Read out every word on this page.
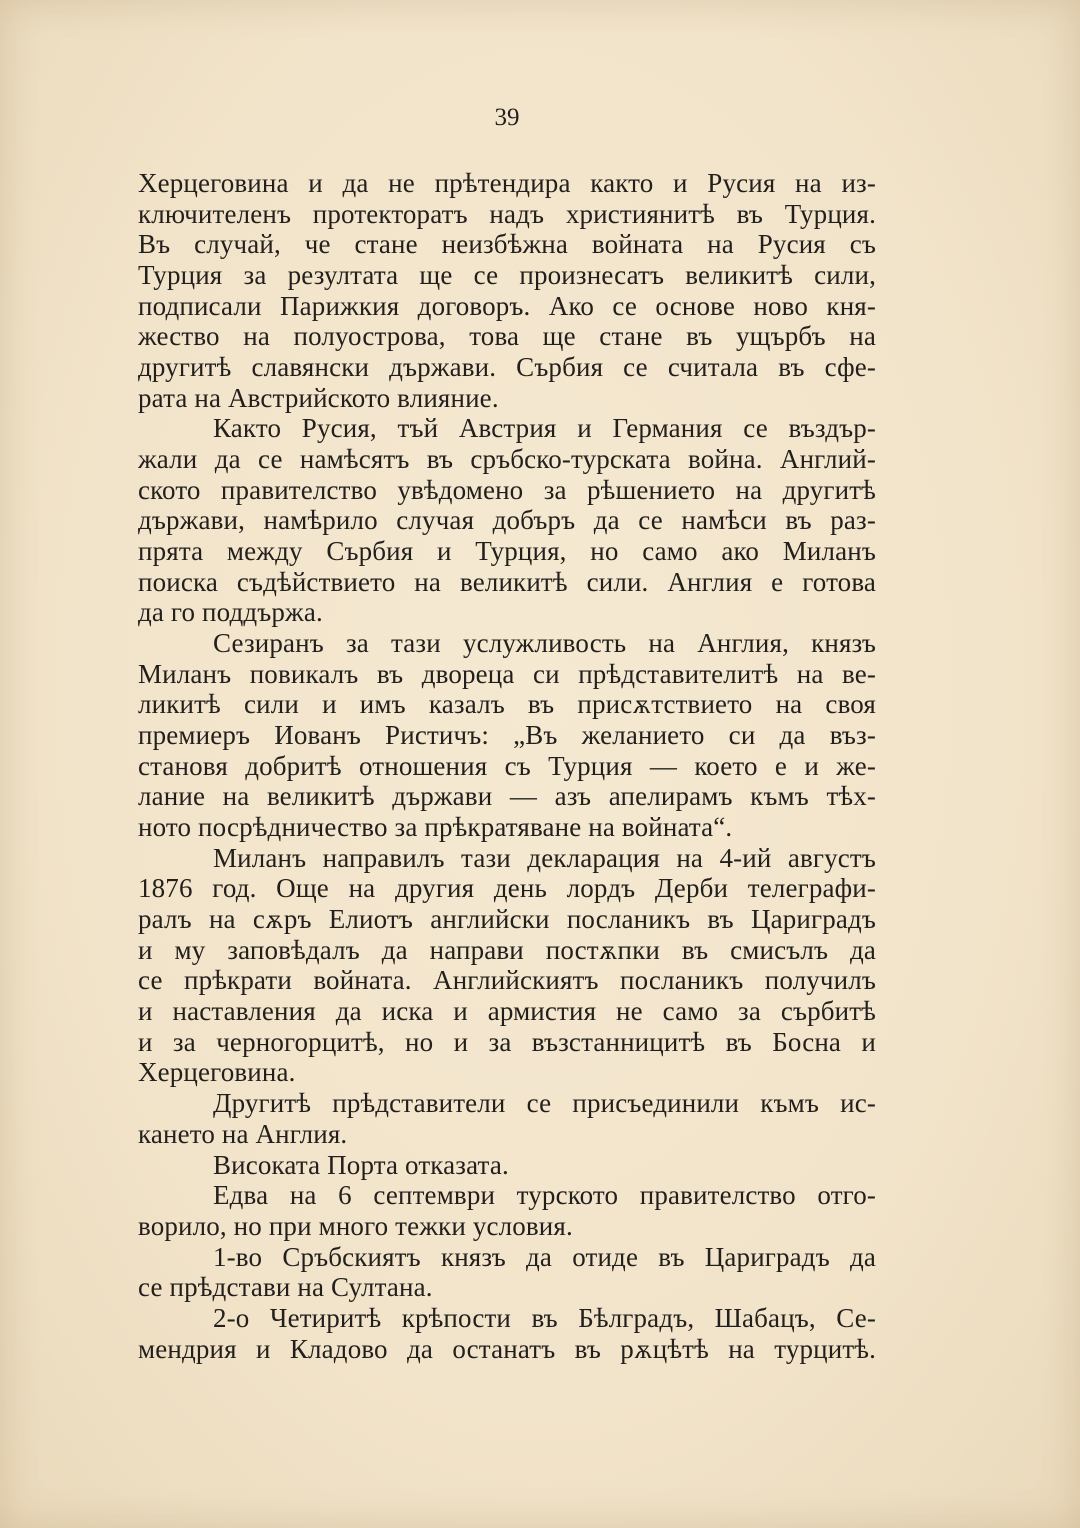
39
Херцеговина и да не прѣтендира както и Русия на из-
ключителенъ протекторатъ надъ християнитѣ въ Турция.
Въ случай, че стане неизбѣжна войната на Русия съ
Турция за резултата ще се произнесатъ великитѣ сили,
подписали Парижкия договоръ. Ако се основе ново кня-
жество на полуострова, това ще стане въ ущърбъ на
другитѣ славянски държави. Сърбия се считала въ сфе-
рата на Австрийското влияние.
Както Русия, тъй Австрия и Германия се въздър-
жали да се намѣсятъ въ сръбско-турската война. Англий-
ското правителство увѣдомено за рѣшението на другитѣ
държави, намѣрило случая добъръ да се намѣси въ раз-
прята между Сърбия и Турция, но само ако Миланъ
поиска съдѣйствието на великитѣ сили. Англия е готова
да го поддържа.
Сезиранъ за тази услужливость на Англия, князъ
Миланъ повикалъ въ двореца си прѣдставителитѣ на ве-
ликитѣ сили и имъ казалъ въ присѫтствието на своя
премиеръ Иованъ Ристичъ: „Въ желанието си да въз-
становя добритѣ отношения съ Турция — което е и же-
лание на великитѣ държави — азъ апелирамъ къмъ тѣх-
ното посрѣдничество за прѣкратяване на войната“.
Миланъ направилъ тази декларация на 4-ий августъ
1876 год. Още на другия день лордъ Дерби телеграфи-
ралъ на сѫръ Елиотъ английски посланикъ въ Цариградъ
и му заповѣдалъ да направи постѫпки въ смисълъ да
се прѣкрати войната. Английскиятъ посланикъ получилъ
и наставления да иска и армистия не само за сърбитѣ
и за черногорцитѣ, но и за възстанницитѣ въ Босна и
Херцеговина.
Другитѣ прѣдставители се присъединили къмъ ис-
кането на Англия.
Високата Порта отказата.
Едва на 6 септември турското правителство отго-
ворило, но при много тежки условия.
1-во Сръбскиятъ князъ да отиде въ Цариградъ да
се прѣдстави на Султана.
2-о Четиритѣ крѣпости въ Бѣлградъ, Шабацъ, Се-
мендрия и Кладово да останатъ въ рѫцѣтѣ на турцитѣ.
